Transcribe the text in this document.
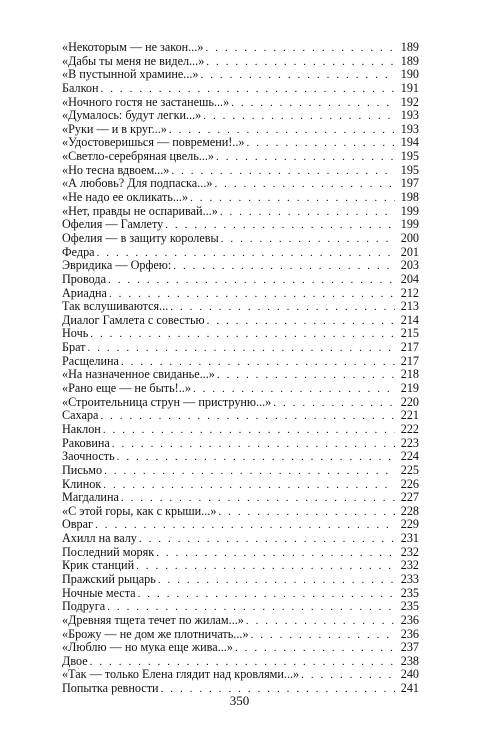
«Некоторым — не закон...» . . .	189
«Дабы ты меня не видел...» . . .	189
«В пустынной храмине...» . . .	190
Балкон . . .	191
«Ночного гостя не застанешь...» . . .	192
«Думалось: будут легки...» . . .	193
«Руки — и в круг...» . . .	193
«Удостоверишься — повремени!..» . . .	194
«Светло-серебряная цвель...» . . .	195
«Но тесна вдвоем...» . . .	195
«А любовь? Для подпаска...» . . .	197
«Не надо ее окликать...» . . .	198
«Нет, правды не оспаривай...» . . .	199
Офелия — Гамлету . . .	199
Офелия — в защиту королевы . . .	200
Федра . . .	201
Эвридика — Орфею: . . .	203
Провода . . .	204
Ариадна . . .	212
Так вслушиваются... . . .	213
Диалог Гамлета с совестью . . .	214
Ночь . . .	215
Брат . . .	217
Расщелина . . .	217
«На назначенное свиданье...» . . .	218
«Рано еще — не быть!..» . . .	219
«Строительница струн — приструню...» . . .	220
Сахара . . .	221
Наклон . . .	222
Раковина . . .	223
Заочность . . .	224
Письмо . . .	225
Клинок . . .	226
Магдалина . . .	227
«С этой горы, как с крыши...» . . .	228
Овраг . . .	229
Ахилл на валу . . .	231
Последний моряк . . .	232
Крик станций . . .	232
Пражский рыцарь . . .	233
Ночные места . . .	235
Подруга . . .	235
«Древняя тщета течет по жилам...» . . .	236
«Брожу — не дом же плотничать...» . . .	236
«Люблю — но мука еще жива...» . . .	237
Двое . . .	238
«Та́к — только Елена глядит над кровлями...» . . .	240
Попытка ревности . . .	241
350
